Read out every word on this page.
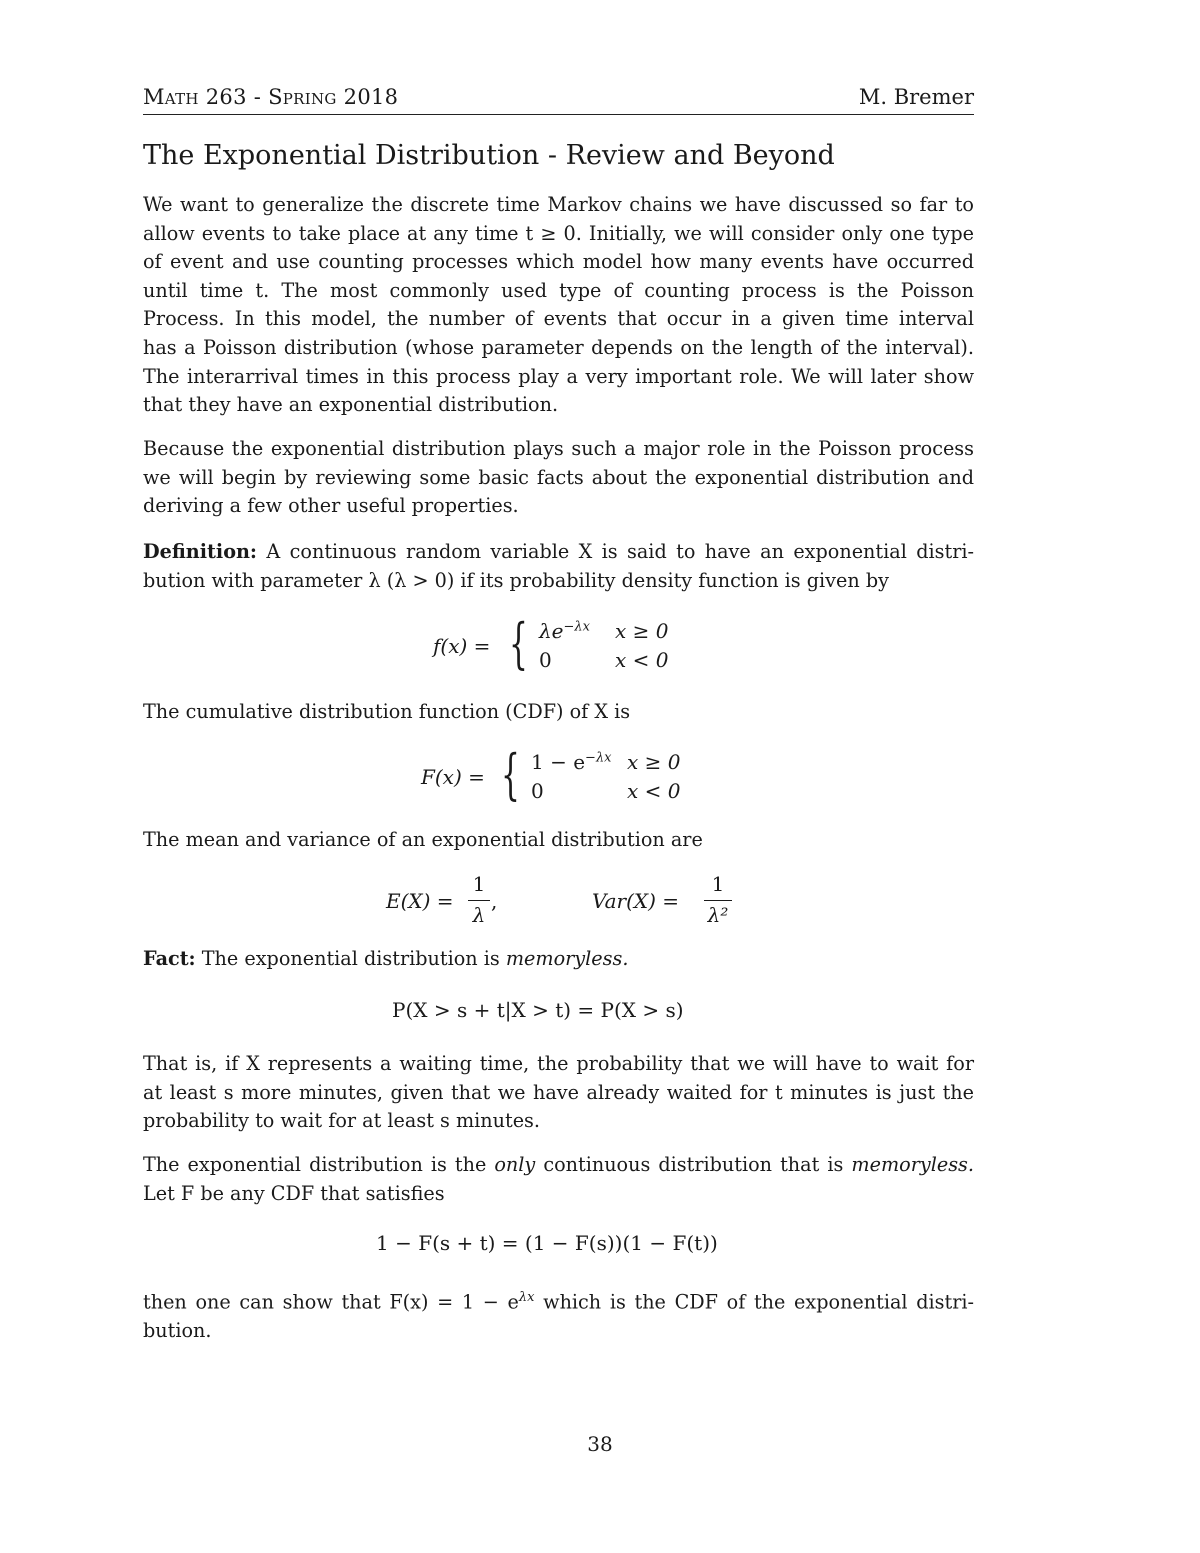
Math 263 - Spring 2018	M. Bremer
The Exponential Distribution - Review and Beyond
We want to generalize the discrete time Markov chains we have discussed so far to
allow events to take place at any time t ≥ 0. Initially, we will consider only one type
of event and use counting processes which model how many events have occurred
until time t. The most commonly used type of counting process is the Poisson
Process. In this model, the number of events that occur in a given time interval
has a Poisson distribution (whose parameter depends on the length of the interval).
The interarrival times in this process play a very important role. We will later show
that they have an exponential distribution.
Because the exponential distribution plays such a major role in the Poisson process
we will begin by reviewing some basic facts about the exponential distribution and
deriving a few other useful properties.
Definition: A continuous random variable X is said to have an exponential distri-
bution with parameter λ (λ > 0) if its probability density function is given by
f(x) = { $\lambda e^{-\lambda x}$ x ≥ 0
0	x < 0
The cumulative distribution function (CDF) of X is
F(x) = { $1 - e^{-\lambda x}$ x ≥ 0
0	x < 0
The mean and variance of an exponential distribution are
E(X) =
1
λ
,	Var(X) =
1
λ²
Fact: The exponential distribution is memoryless.
P(X > s + t|X > t) = P(X > s)
That is, if X represents a waiting time, the probability that we will have to wait for
at least s more minutes, given that we have already waited for t minutes is just the
probability to wait for at least s minutes.
The exponential distribution is the only continuous distribution that is memoryless.
Let F be any CDF that satisfies
1 − F(s + t) = (1 − F(s))(1 − F(t))
then one can show that $F(x) = 1 - e^{\lambda x}$ which is the CDF of the exponential distri-
bution.
38
